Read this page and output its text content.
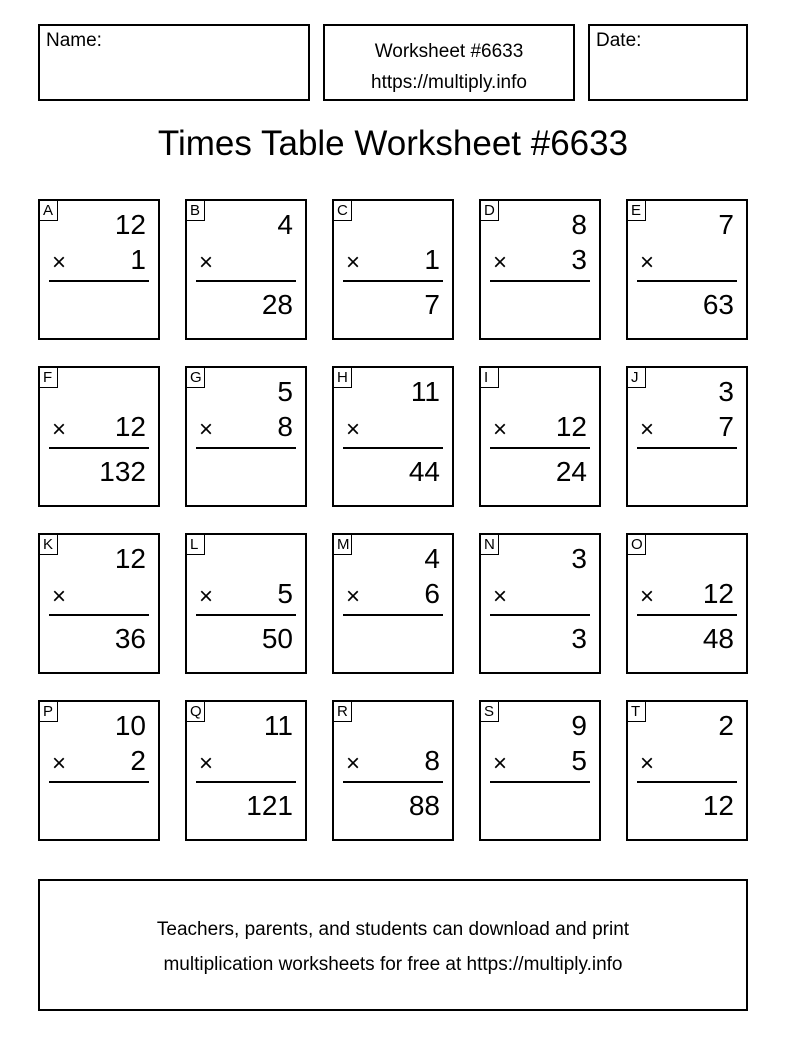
Name:
Worksheet #6633
https://multiply.info
Date:
Times Table Worksheet #6633
A 12
× 1
B	4
×
28
C
× 1
7
D	8
× 3
E	7
×
63
F
× 12
132
G	5
× 8
H 11
×
44
I
× 12
24
J	3
× 7
K 12
×
36
L
× 5
50
M	4
× 6
N	3
×
3
O
× 12
48
P 10
× 2
Q 11
×
121
R
× 8
88
S	9
× 5
T	2
×
12
Teachers, parents, and students can download and print
multiplication worksheets for free at https://multiply.info
